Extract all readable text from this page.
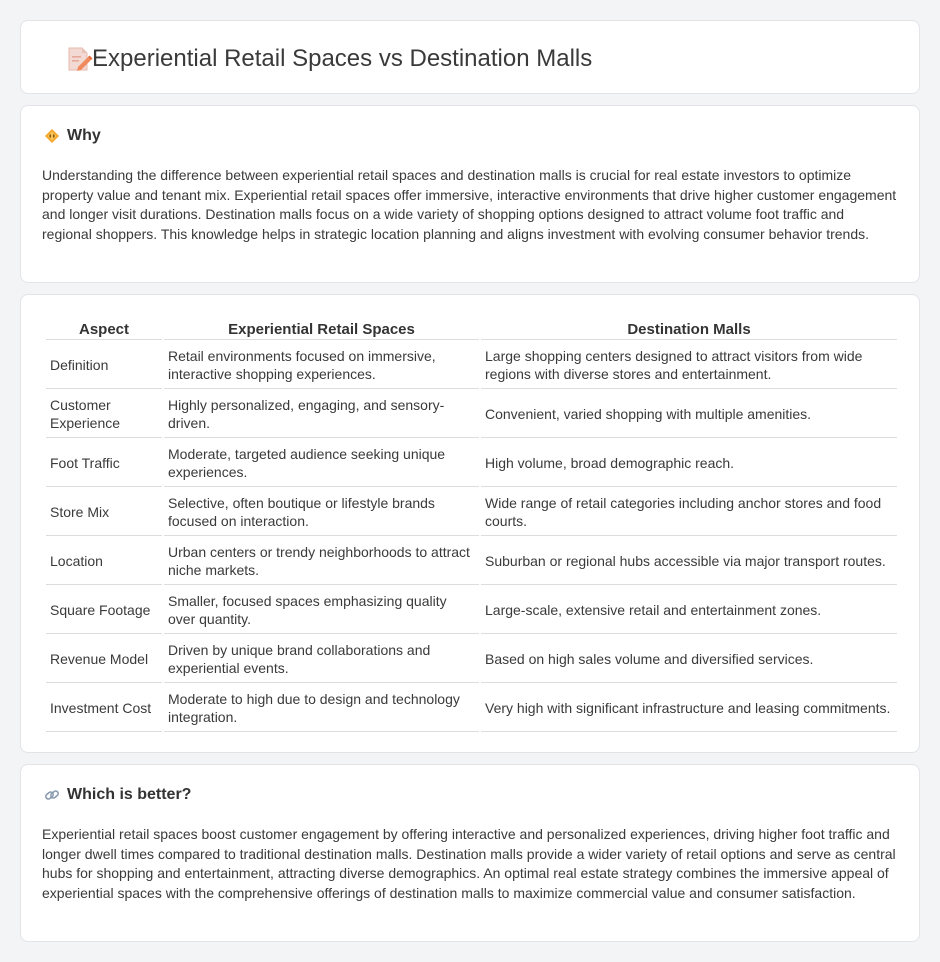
Experiential Retail Spaces vs Destination Malls
Why

Understanding the difference between experiential retail spaces and destination malls is crucial for real estate investors to optimize property value and tenant mix. Experiential retail spaces offer immersive, interactive environments that drive higher customer engagement and longer visit durations. Destination malls focus on a wide variety of shopping options designed to attract volume foot traffic and regional shoppers. This knowledge helps in strategic location planning and aligns investment with evolving consumer behavior trends.

Aspect	Experiential Retail Spaces	Destination Malls
Definition	Retail environments focused on immersive, interactive shopping experiences.	Large shopping centers designed to attract visitors from wide regions with diverse stores and entertainment.
Customer Experience	Highly personalized, engaging, and sensory-driven.	Convenient, varied shopping with multiple amenities.
Foot Traffic	Moderate, targeted audience seeking unique experiences.	High volume, broad demographic reach.
Store Mix	Selective, often boutique or lifestyle brands focused on interaction.	Wide range of retail categories including anchor stores and food courts.
Location	Urban centers or trendy neighborhoods to attract niche markets.	Suburban or regional hubs accessible via major transport routes.
Square Footage	Smaller, focused spaces emphasizing quality over quantity.	Large-scale, extensive retail and entertainment zones.
Revenue Model	Driven by unique brand collaborations and experiential events.	Based on high sales volume and diversified services.
Investment Cost	Moderate to high due to design and technology integration.	Very high with significant infrastructure and leasing commitments.
Which is better?

Experiential retail spaces boost customer engagement by offering interactive and personalized experiences, driving higher foot traffic and longer dwell times compared to traditional destination malls. Destination malls provide a wider variety of retail options and serve as central hubs for shopping and entertainment, attracting diverse demographics. An optimal real estate strategy combines the immersive appeal of experiential spaces with the comprehensive offerings of destination malls to maximize commercial value and consumer satisfaction.
